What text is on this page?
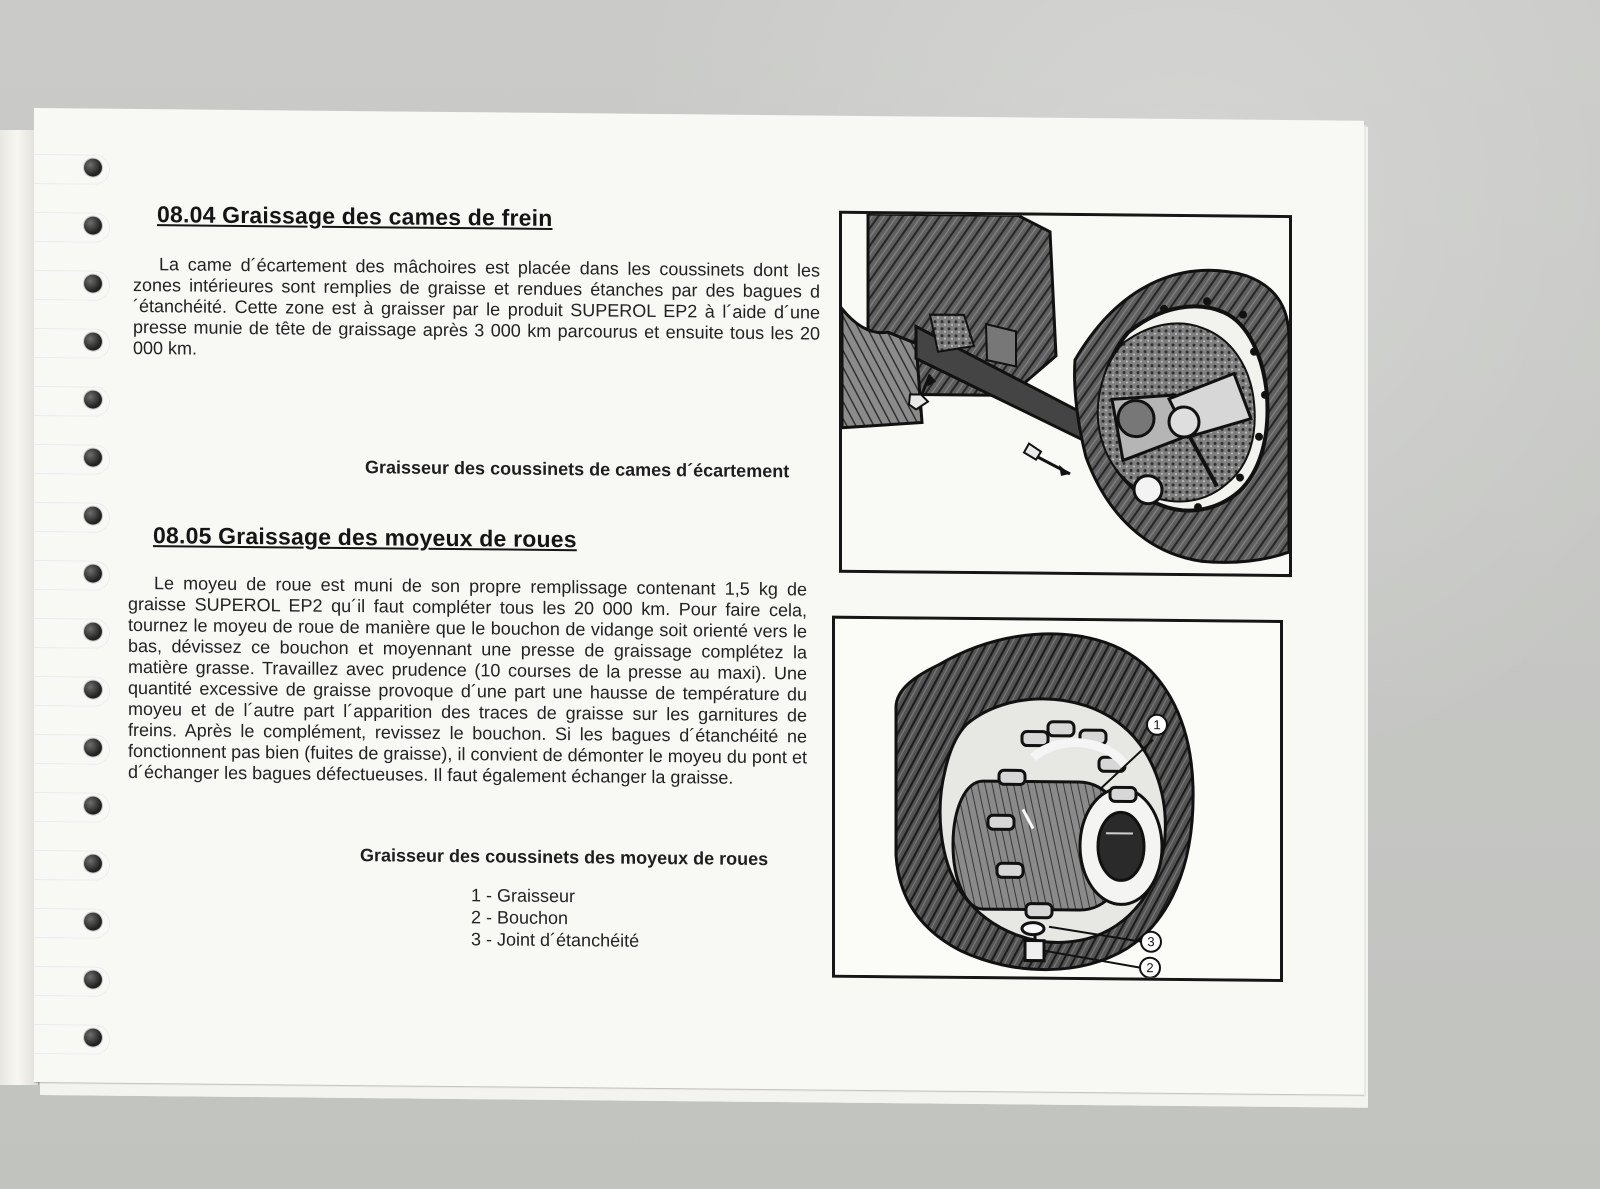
08.04 Graissage des cames de frein

La came d´écartement des mâchoires est placée dans les coussinets dont les zones intérieures sont remplies de graisse et rendues étanches par des bagues d´étanchéité. Cette zone est à graisser par le produit SUPEROL EP2 à l´aide d´une presse munie de tête de graissage après 3 000 km parcourus et ensuite tous les 20 000 km.

Graisseur des coussinets de cames d´écartement

08.05 Graissage des moyeux de roues

Le moyeu de roue est muni de son propre remplissage contenant 1,5 kg de graisse SUPEROL EP2 qu´il faut compléter tous les 20 000 km. Pour faire cela, tournez le moyeu de roue de manière que le bouchon de vidange soit orienté vers le bas, dévissez ce bouchon et moyennant une presse de graissage complétez la matière grasse. Travaillez avec prudence (10 courses de la presse au maxi). Une quantité excessive de graisse provoque d´une part une hausse de température du moyeu et de l´autre part l´apparition des traces de graisse sur les garnitures de freins. Après le complément, revissez le bouchon. Si les bagues d´étanchéité ne fonctionnent pas bien (fuites de graisse), il convient de démonter le moyeu du pont et d´échanger les bagues défectueuses. Il faut également échanger la graisse.

Graisseur des coussinets des moyeux de roues

1 - Graisseur
2 - Bouchon
3 - Joint d´étanchéité
1
3
2
